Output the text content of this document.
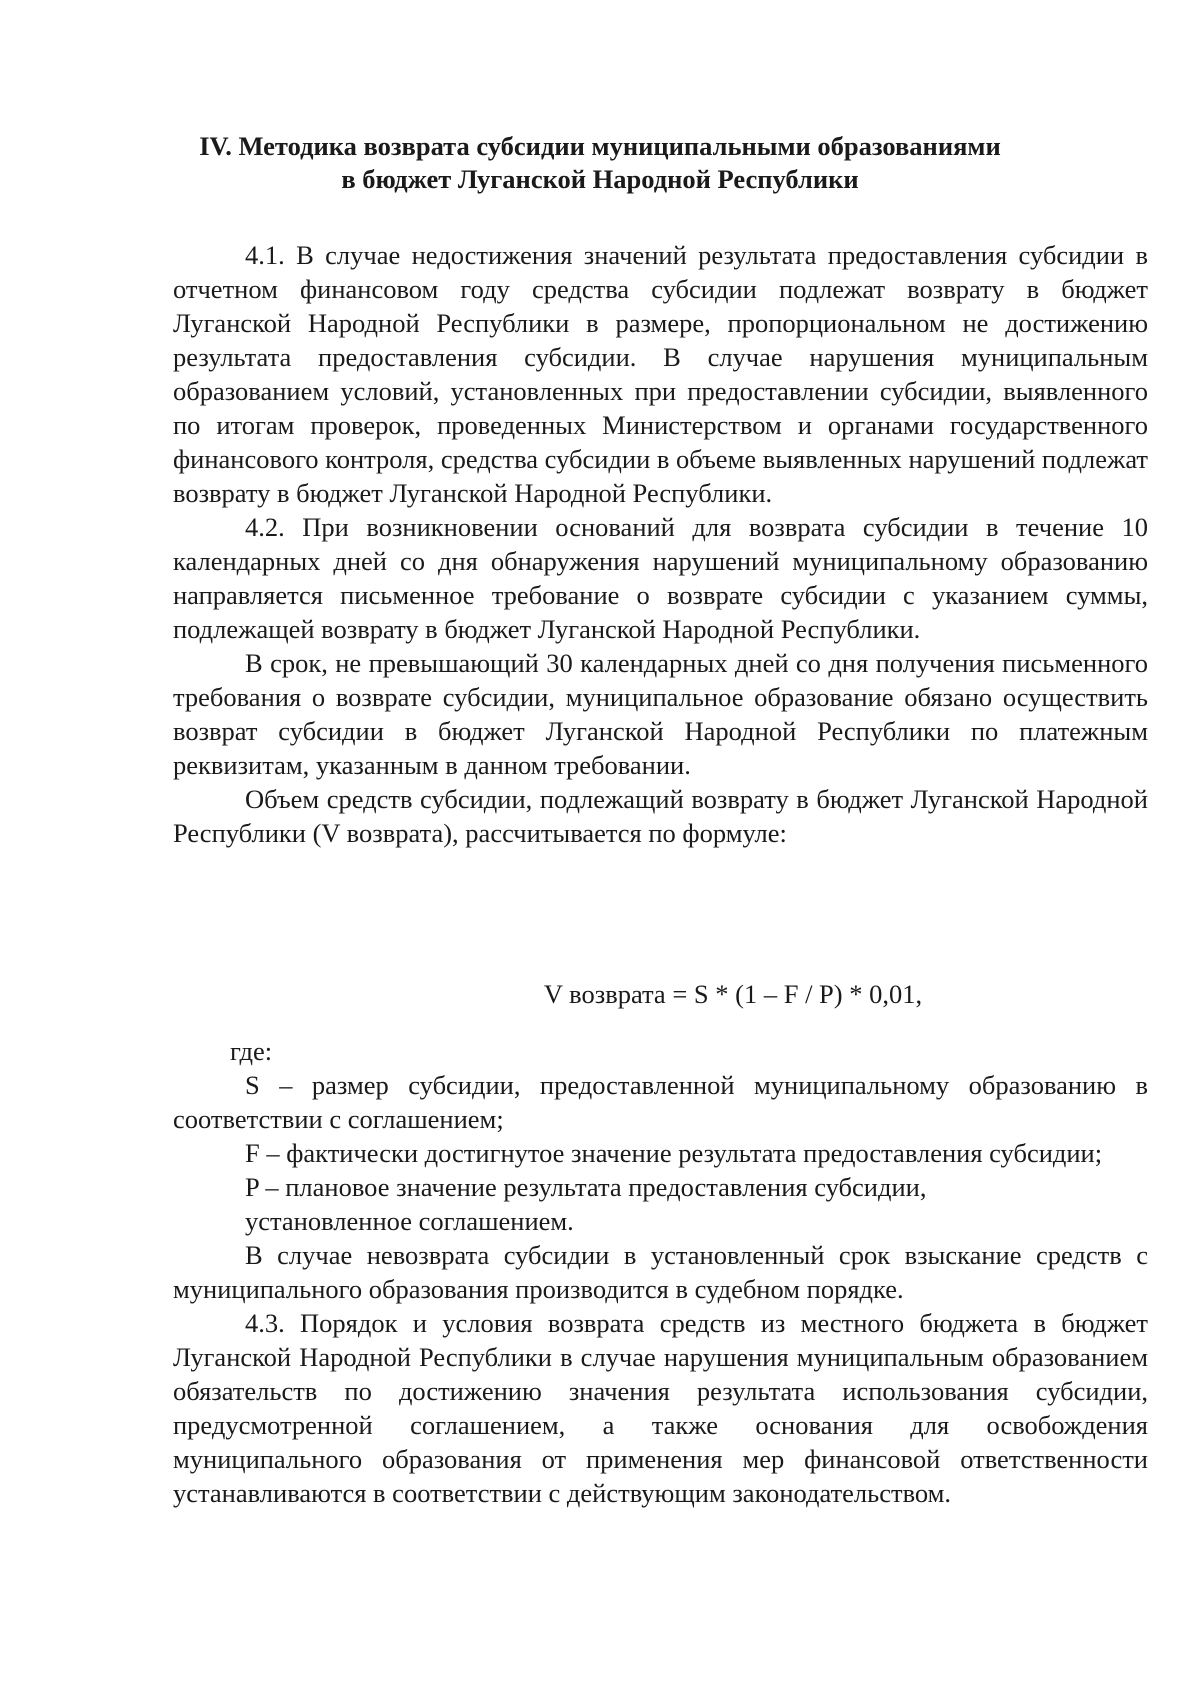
IV. Методика возврата субсидии муниципальными образованиями
в бюджет Луганской Народной Республики

4.1. В случае недостижения значений результата предоставления субсидии в отчетном финансовом году средства субсидии подлежат возврату в бюджет Луганской Народной Республики в размере, пропорциональном не достижению результата предоставления субсидии. В случае нарушения муниципальным образованием условий, установленных при предоставлении субсидии, выявленного по итогам проверок, проведенных Министерством и органами государственного финансового контроля, средства субсидии в объеме выявленных нарушений подлежат возврату в бюджет Луганской Народной Республики.

4.2. При возникновении оснований для возврата субсидии в течение 10 календарных дней со дня обнаружения нарушений муниципальному образованию направляется письменное требование о возврате субсидии с указанием суммы, подлежащей возврату в бюджет Луганской Народной Республики.

В срок, не превышающий 30 календарных дней со дня получения письменного требования о возврате субсидии, муниципальное образование обязано осуществить возврат субсидии в бюджет Луганской Народной Республики по платежным реквизитам, указанным в данном требовании.

Объем средств субсидии, подлежащий возврату в бюджет Луганской Народной Республики (V возврата), рассчитывается по формуле:

V возврата = S * (1 – F / P) * 0,01,

где:

S – размер субсидии, предоставленной муниципальному образованию в соответствии с соглашением;

F – фактически достигнутое значение результата предоставления субсидии;

P – плановое значение результата предоставления субсидии,

установленное соглашением.

В случае невозврата субсидии в установленный срок взыскание средств с муниципального образования производится в судебном порядке.

4.3. Порядок и условия возврата средств из местного бюджета в бюджет Луганской Народной Республики в случае нарушения муниципальным образованием обязательств по достижению значения результата использования субсидии, предусмотренной соглашением, а также основания для освобождения муниципального образования от применения мер финансовой ответственности устанавливаются в соответствии с действующим законодательством.
